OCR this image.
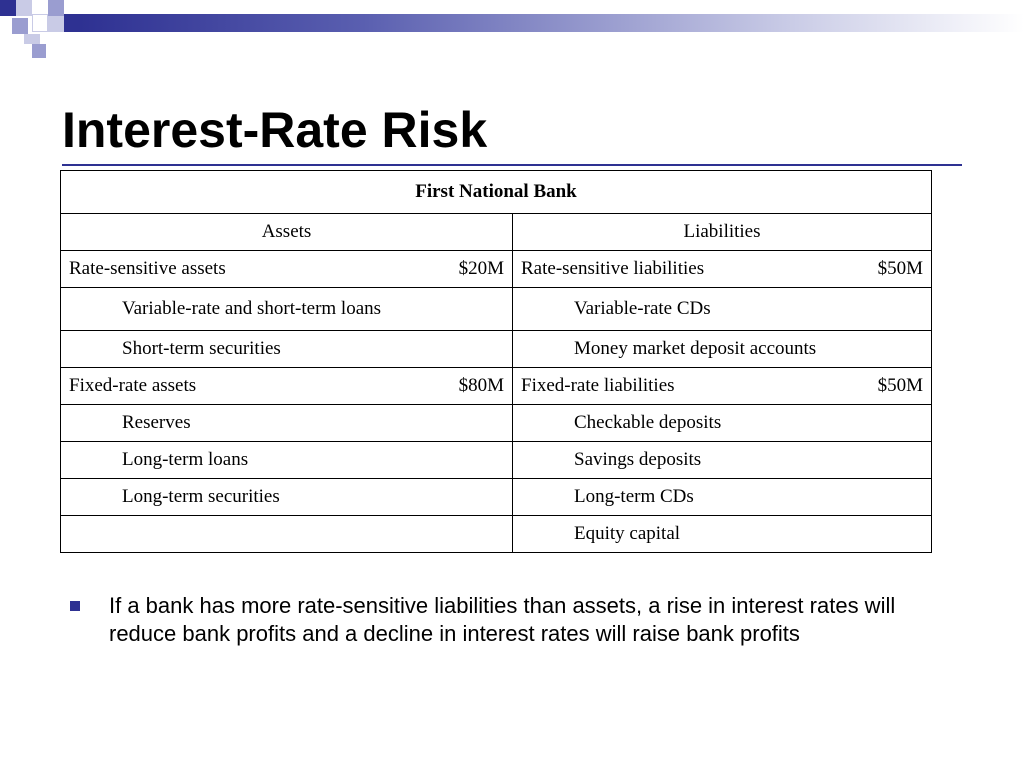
Interest-Rate Risk
First National Bank	
Assets	Liabilities

Rate-sensitive assets $20M	Rate-sensitive liabilities $50M

Variable-rate and short-term loans	Variable-rate CDs
Short-term securities	Money market deposit accounts

Fixed-rate assets $80M	Fixed-rate liabilities $50M

Reserves	Checkable deposits
Long-term loans	Savings deposits
Long-term securities	Long-term CDs
	Equity capital
If a bank has more rate-sensitive liabilities than assets, a rise in interest rates will reduce bank profits and a decline in interest rates will raise bank profits
